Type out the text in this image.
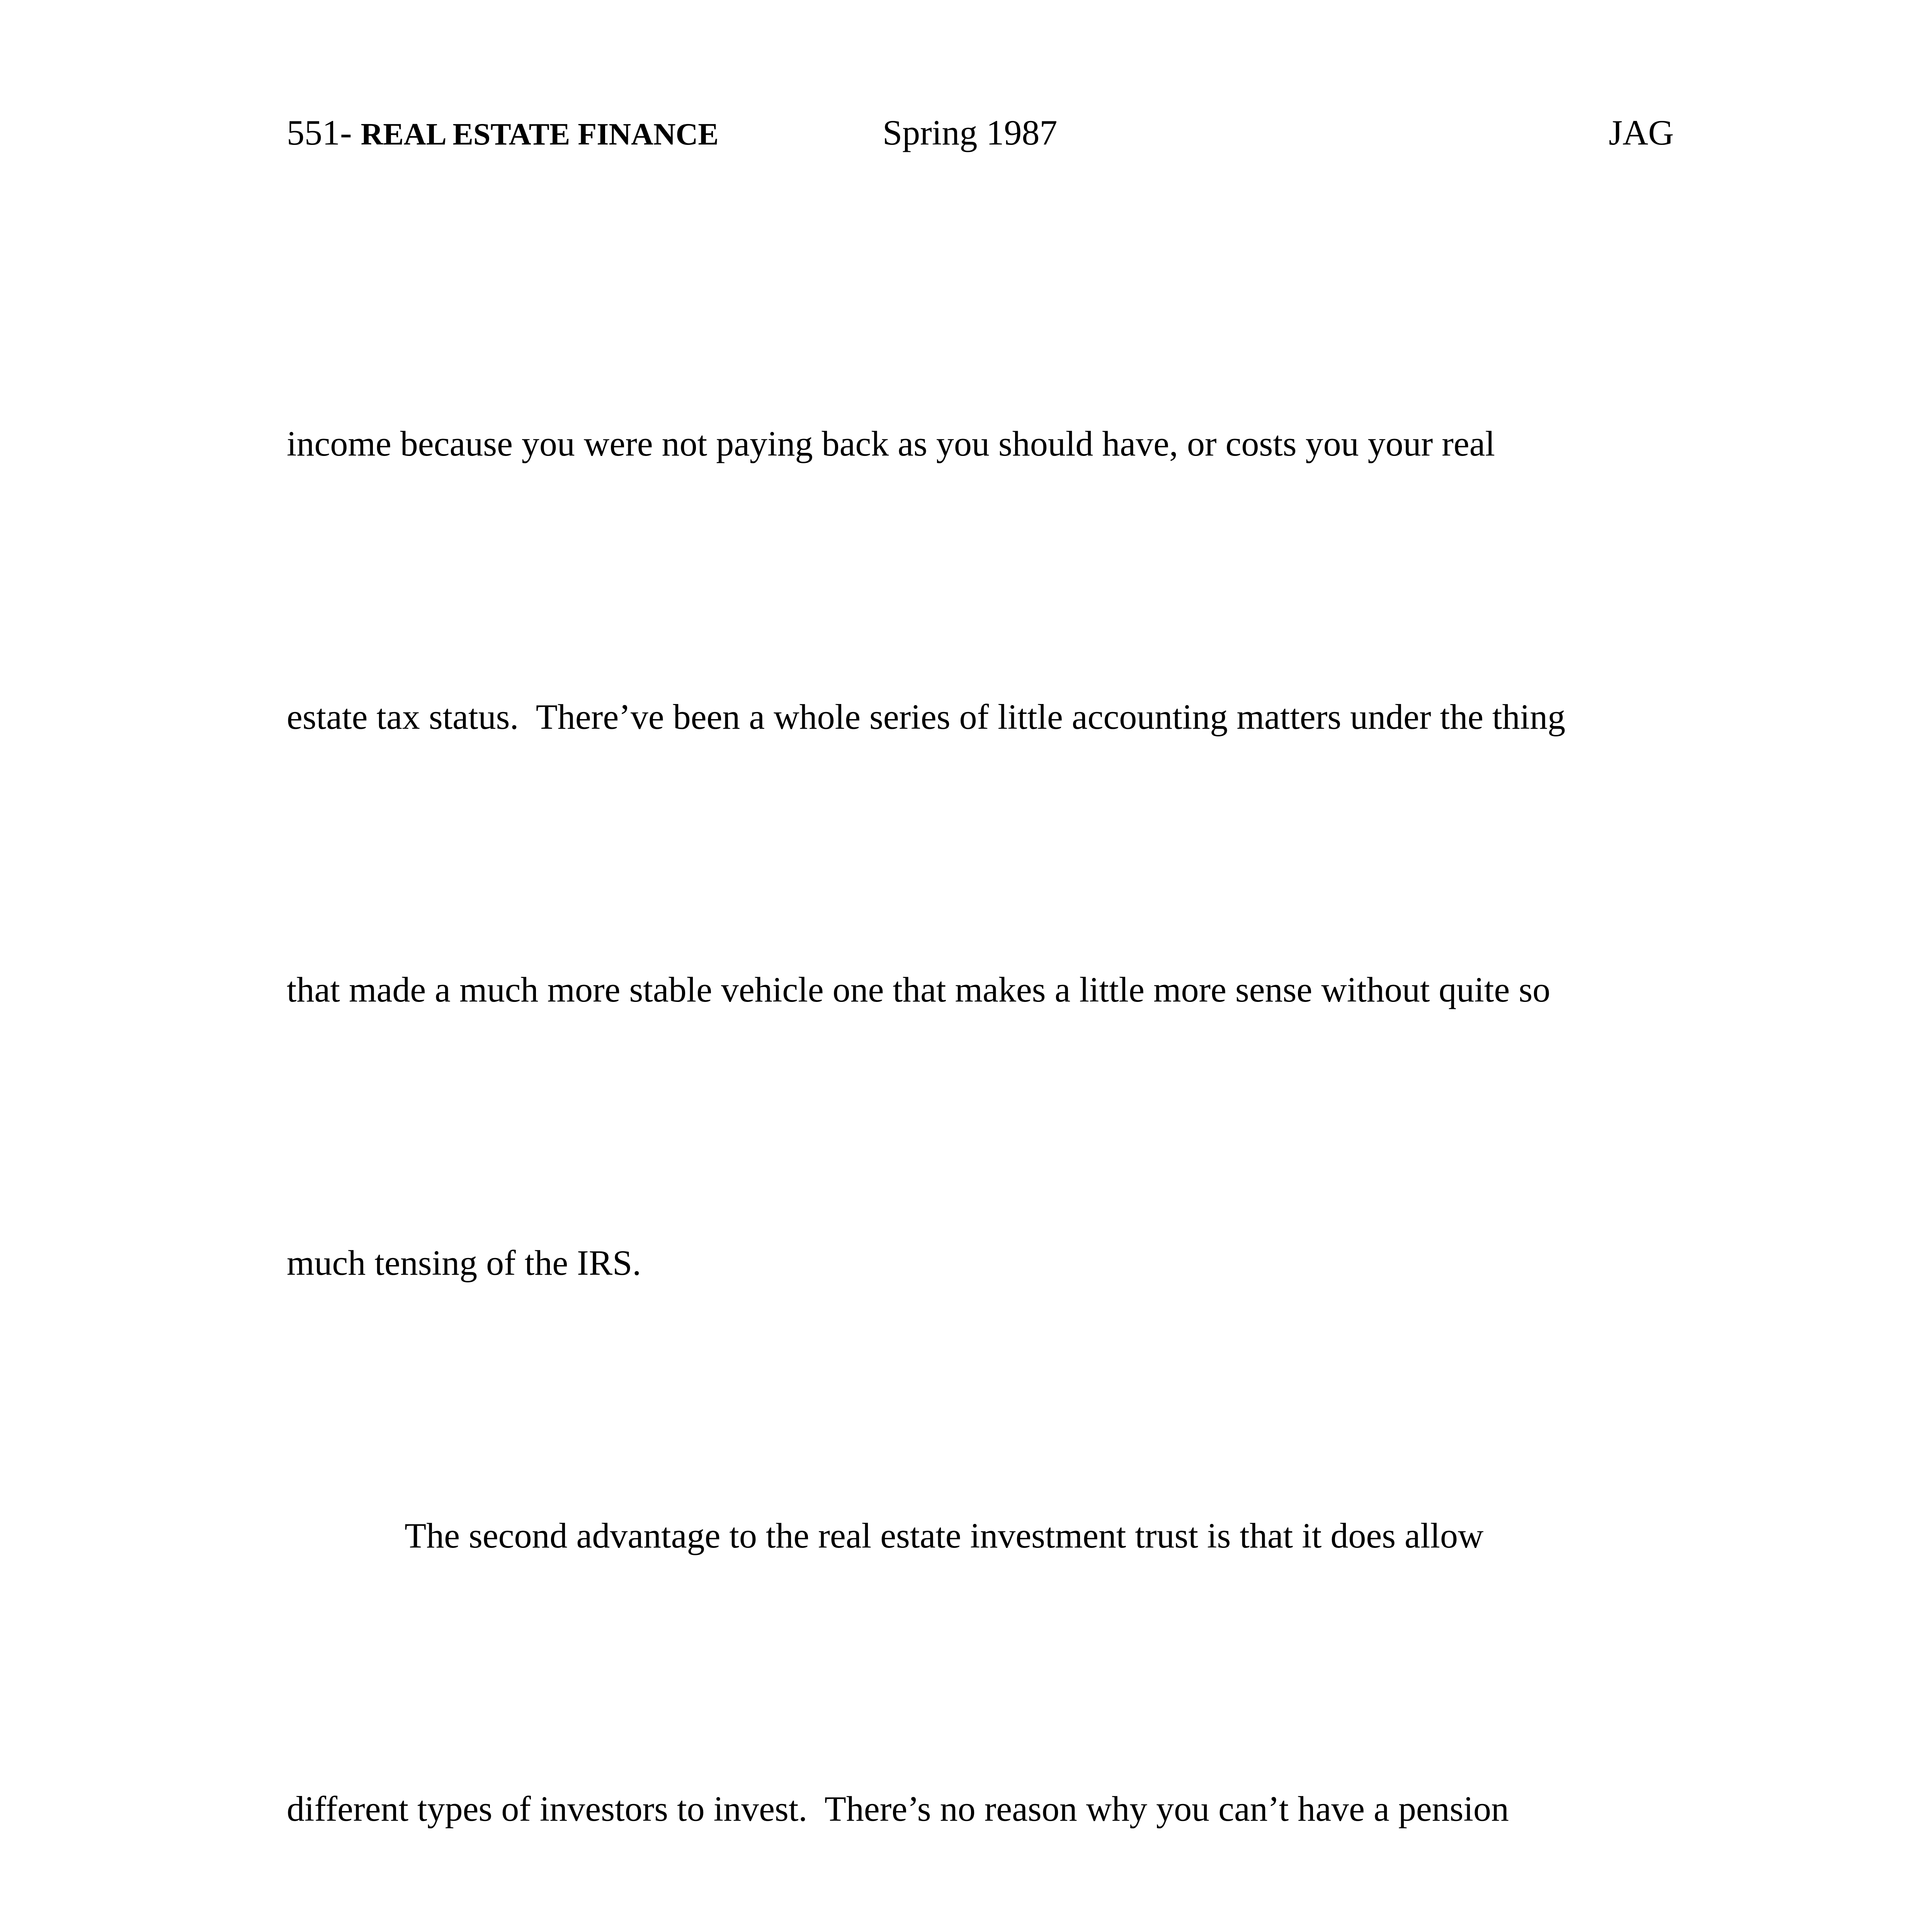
551- REAL ESTATE FINANCE	Spring 1987	JAG

income because you were not paying back as you should have, or costs you your real

estate tax status.  There’ve been a whole series of little accounting matters under the thing

that made a much more stable vehicle one that makes a little more sense without quite so

much tensing of the IRS.

The second advantage to the real estate investment trust is that it does allow

different types of investors to invest.  There’s no reason why you can’t have a pension
